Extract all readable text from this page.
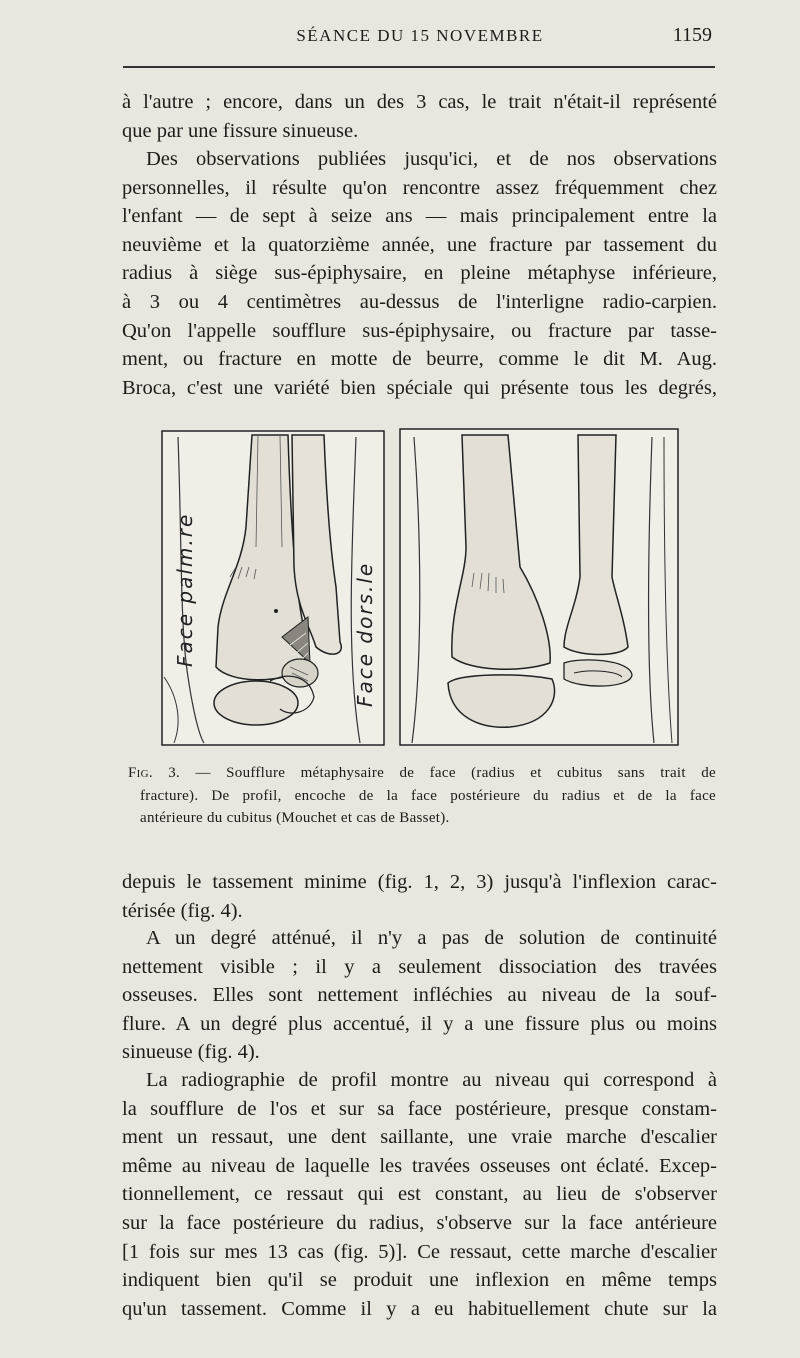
SÉANCE DU 15 NOVEMBRE	1159
à l'autre ; encore, dans un des 3 cas, le trait n'était-il représenté
que par une fissure sinueuse.
Des observations publiées jusqu'ici, et de nos observations
personnelles, il résulte qu'on rencontre assez fréquemment chez
l'enfant — de sept à seize ans — mais principalement entre la
neuvième et la quatorzième année, une fracture par tassement du
radius à siège sus-épiphysaire, en pleine métaphyse inférieure,
à 3 ou 4 centimètres au-dessus de l'interligne radio-carpien.
Qu'on l'appelle soufflure sus-épiphysaire, ou fracture par tasse-
ment, ou fracture en motte de beurre, comme le dit M. Aug.
Broca, c'est une variété bien spéciale qui présente tous les degrés,
Face palm.re	Face dors.le
Fig. 3. — Soufflure métaphysaire de face (radius et cubitus sans trait de
fracture). De profil, encoche de la face postérieure du radius et de la face
antérieure du cubitus (Mouchet et cas de Basset).
depuis le tassement minime (fig. 1, 2, 3) jusqu'à l'inflexion carac-
térisée (fig. 4).
A un degré atténué, il n'y a pas de solution de continuité
nettement visible ; il y a seulement dissociation des travées
osseuses. Elles sont nettement infléchies au niveau de la souf-
flure. A un degré plus accentué, il y a une fissure plus ou moins
sinueuse (fig. 4).
La radiographie de profil montre au niveau qui correspond à
la soufflure de l'os et sur sa face postérieure, presque constam-
ment un ressaut, une dent saillante, une vraie marche d'escalier
même au niveau de laquelle les travées osseuses ont éclaté. Excep-
tionnellement, ce ressaut qui est constant, au lieu de s'observer
sur la face postérieure du radius, s'observe sur la face antérieure
[1 fois sur mes 13 cas (fig. 5)]. Ce ressaut, cette marche d'escalier
indiquent bien qu'il se produit une inflexion en même temps
qu'un tassement. Comme il y a eu habituellement chute sur la
